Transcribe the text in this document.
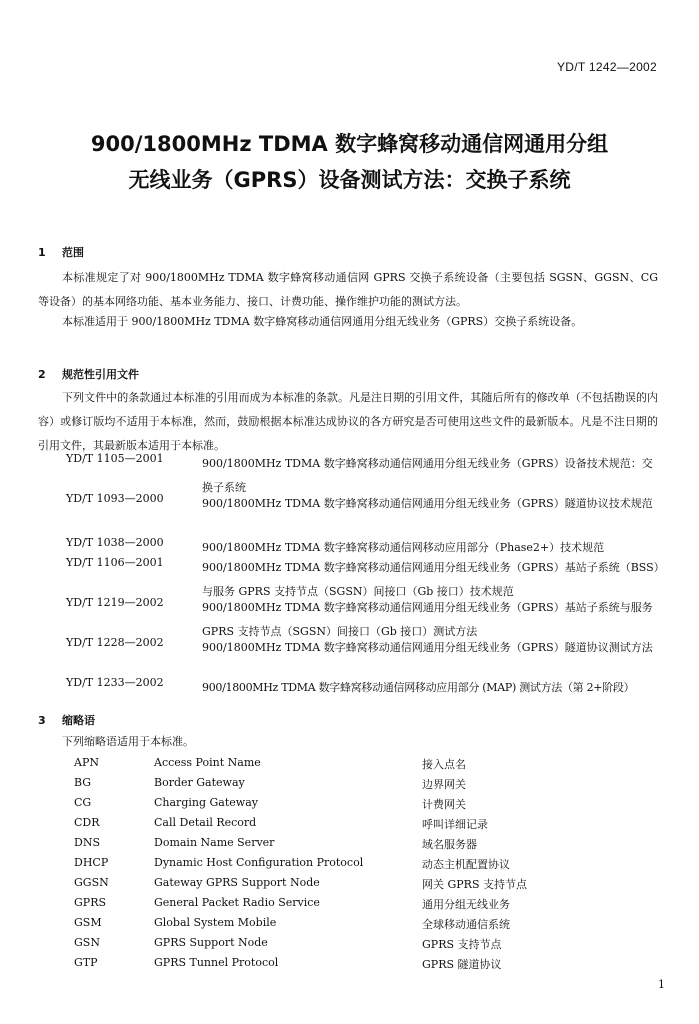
YD/T 1242—2002
900/1800MHz TDMA 数字蜂窝移动通信网通用分组
无线业务（GPRS）设备测试方法：交换子系统
1 范围

本标准规定了对 900/1800MHz TDMA 数字蜂窝移动通信网 GPRS 交换子系统设备（主要包括 SGSN、GGSN、CG 等设备）的基本网络功能、基本业务能力、接口、计费功能、操作维护功能的测试方法。

本标准适用于 900/1800MHz TDMA 数字蜂窝移动通信网通用分组无线业务（GPRS）交换子系统设备。

2 规范性引用文件

下列文件中的条款通过本标准的引用而成为本标准的条款。凡是注日期的引用文件，其随后所有的修改单（不包括勘误的内容）或修订版均不适用于本标准，然而，鼓励根据本标准达成协议的各方研究是否可使用这些文件的最新版本。凡是不注日期的引用文件，其最新版本适用于本标准。

YD/T 1105—2001	900/1800MHz TDMA 数字蜂窝移动通信网通用分组无线业务（GPRS）设备技术规范：交换子系统
YD/T 1093—2000	900/1800MHz TDMA 数字蜂窝移动通信网通用分组无线业务（GPRS）隧道协议技术规范
YD/T 1038—2000	900/1800MHz TDMA 数字蜂窝移动通信网移动应用部分（Phase2+）技术规范
YD/T 1106—2001	900/1800MHz TDMA 数字蜂窝移动通信网通用分组无线业务（GPRS）基站子系统（BSS）与服务 GPRS 支持节点（SGSN）间接口（Gb 接口）技术规范
YD/T 1219—2002	900/1800MHz TDMA 数字蜂窝移动通信网通用分组无线业务（GPRS）基站子系统与服务 GPRS 支持节点（SGSN）间接口（Gb 接口）测试方法
YD/T 1228—2002	900/1800MHz TDMA 数字蜂窝移动通信网通用分组无线业务（GPRS）隧道协议测试方法
YD/T 1233—2002	900/1800MHz TDMA 数字蜂窝移动通信网移动应用部分 (MAP) 测试方法（第 2+阶段）
3 缩略语
下列缩略语适用于本标准。
APN	Access Point Name	接入点名
BG	Border Gateway	边界网关
CG	Charging Gateway	计费网关
CDR	Call Detail Record	呼叫详细记录
DNS	Domain Name Server	域名服务器
DHCP	Dynamic Host Configuration Protocol	动态主机配置协议
GGSN	Gateway GPRS Support Node	网关 GPRS 支持节点
GPRS	General Packet Radio Service	通用分组无线业务
GSM	Global System Mobile	全球移动通信系统
GSN	GPRS Support Node	GPRS 支持节点
GTP	GPRS Tunnel Protocol	GPRS 隧道协议
1
